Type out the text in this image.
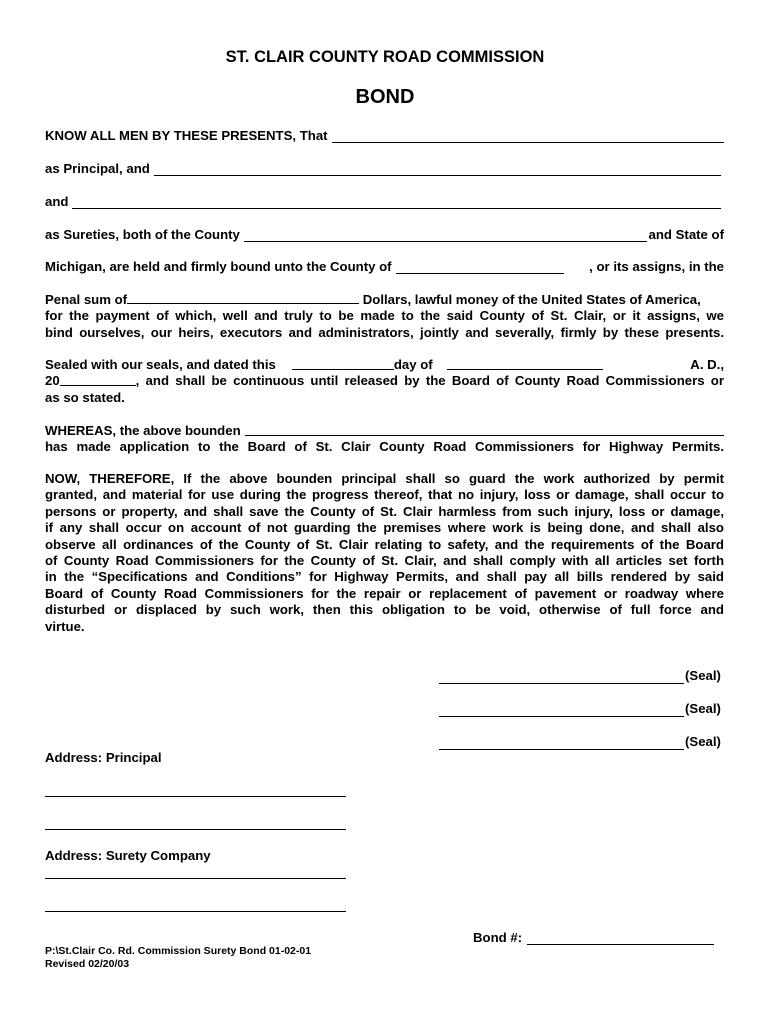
ST. CLAIR COUNTY ROAD COMMISSION
BOND
KNOW ALL MEN BY THESE PRESENTS, That
as Principal, and
and
as Sureties, both of the County	and State of
Michigan, are held and firmly bound unto the County of	, or its assigns, in the
Penal sum of	Dollars, lawful money of the United States of America,
for the payment of which, well and truly to be made to the said County of St. Clair, or it assigns, we
bind ourselves, our heirs, executors and administrators, jointly and severally, firmly by these presents.
Sealed with our seals, and dated this	day of	A. D.,
20	, and shall be continuous until released by the Board of County Road Commissioners or
as so stated.
WHEREAS, the above bounden
has made application to the Board of St. Clair County Road Commissioners for Highway Permits.
NOW, THEREFORE, If the above bounden principal shall so guard the work authorized by permit
granted, and material for use during the progress thereof, that no injury, loss or damage, shall occur to
persons or property, and shall save the County of St. Clair harmless from such injury, loss or damage,
if any shall occur on account of not guarding the premises where work is being done, and shall also
observe all ordinances of the County of St. Clair relating to safety, and the requirements of the Board
of County Road Commissioners for the County of St. Clair, and shall comply with all articles set forth
in the “Specifications and Conditions” for Highway Permits, and shall pay all bills rendered by said
Board of County Road Commissioners for the repair or replacement of pavement or roadway where
disturbed or displaced by such work, then this obligation to be void, otherwise of full force and
virtue.
(Seal)
(Seal)
(Seal)
Address: Principal
Address: Surety Company
Bond #:
P:\St.Clair Co. Rd. Commission Surety Bond 01-02-01
Revised 02/20/03
